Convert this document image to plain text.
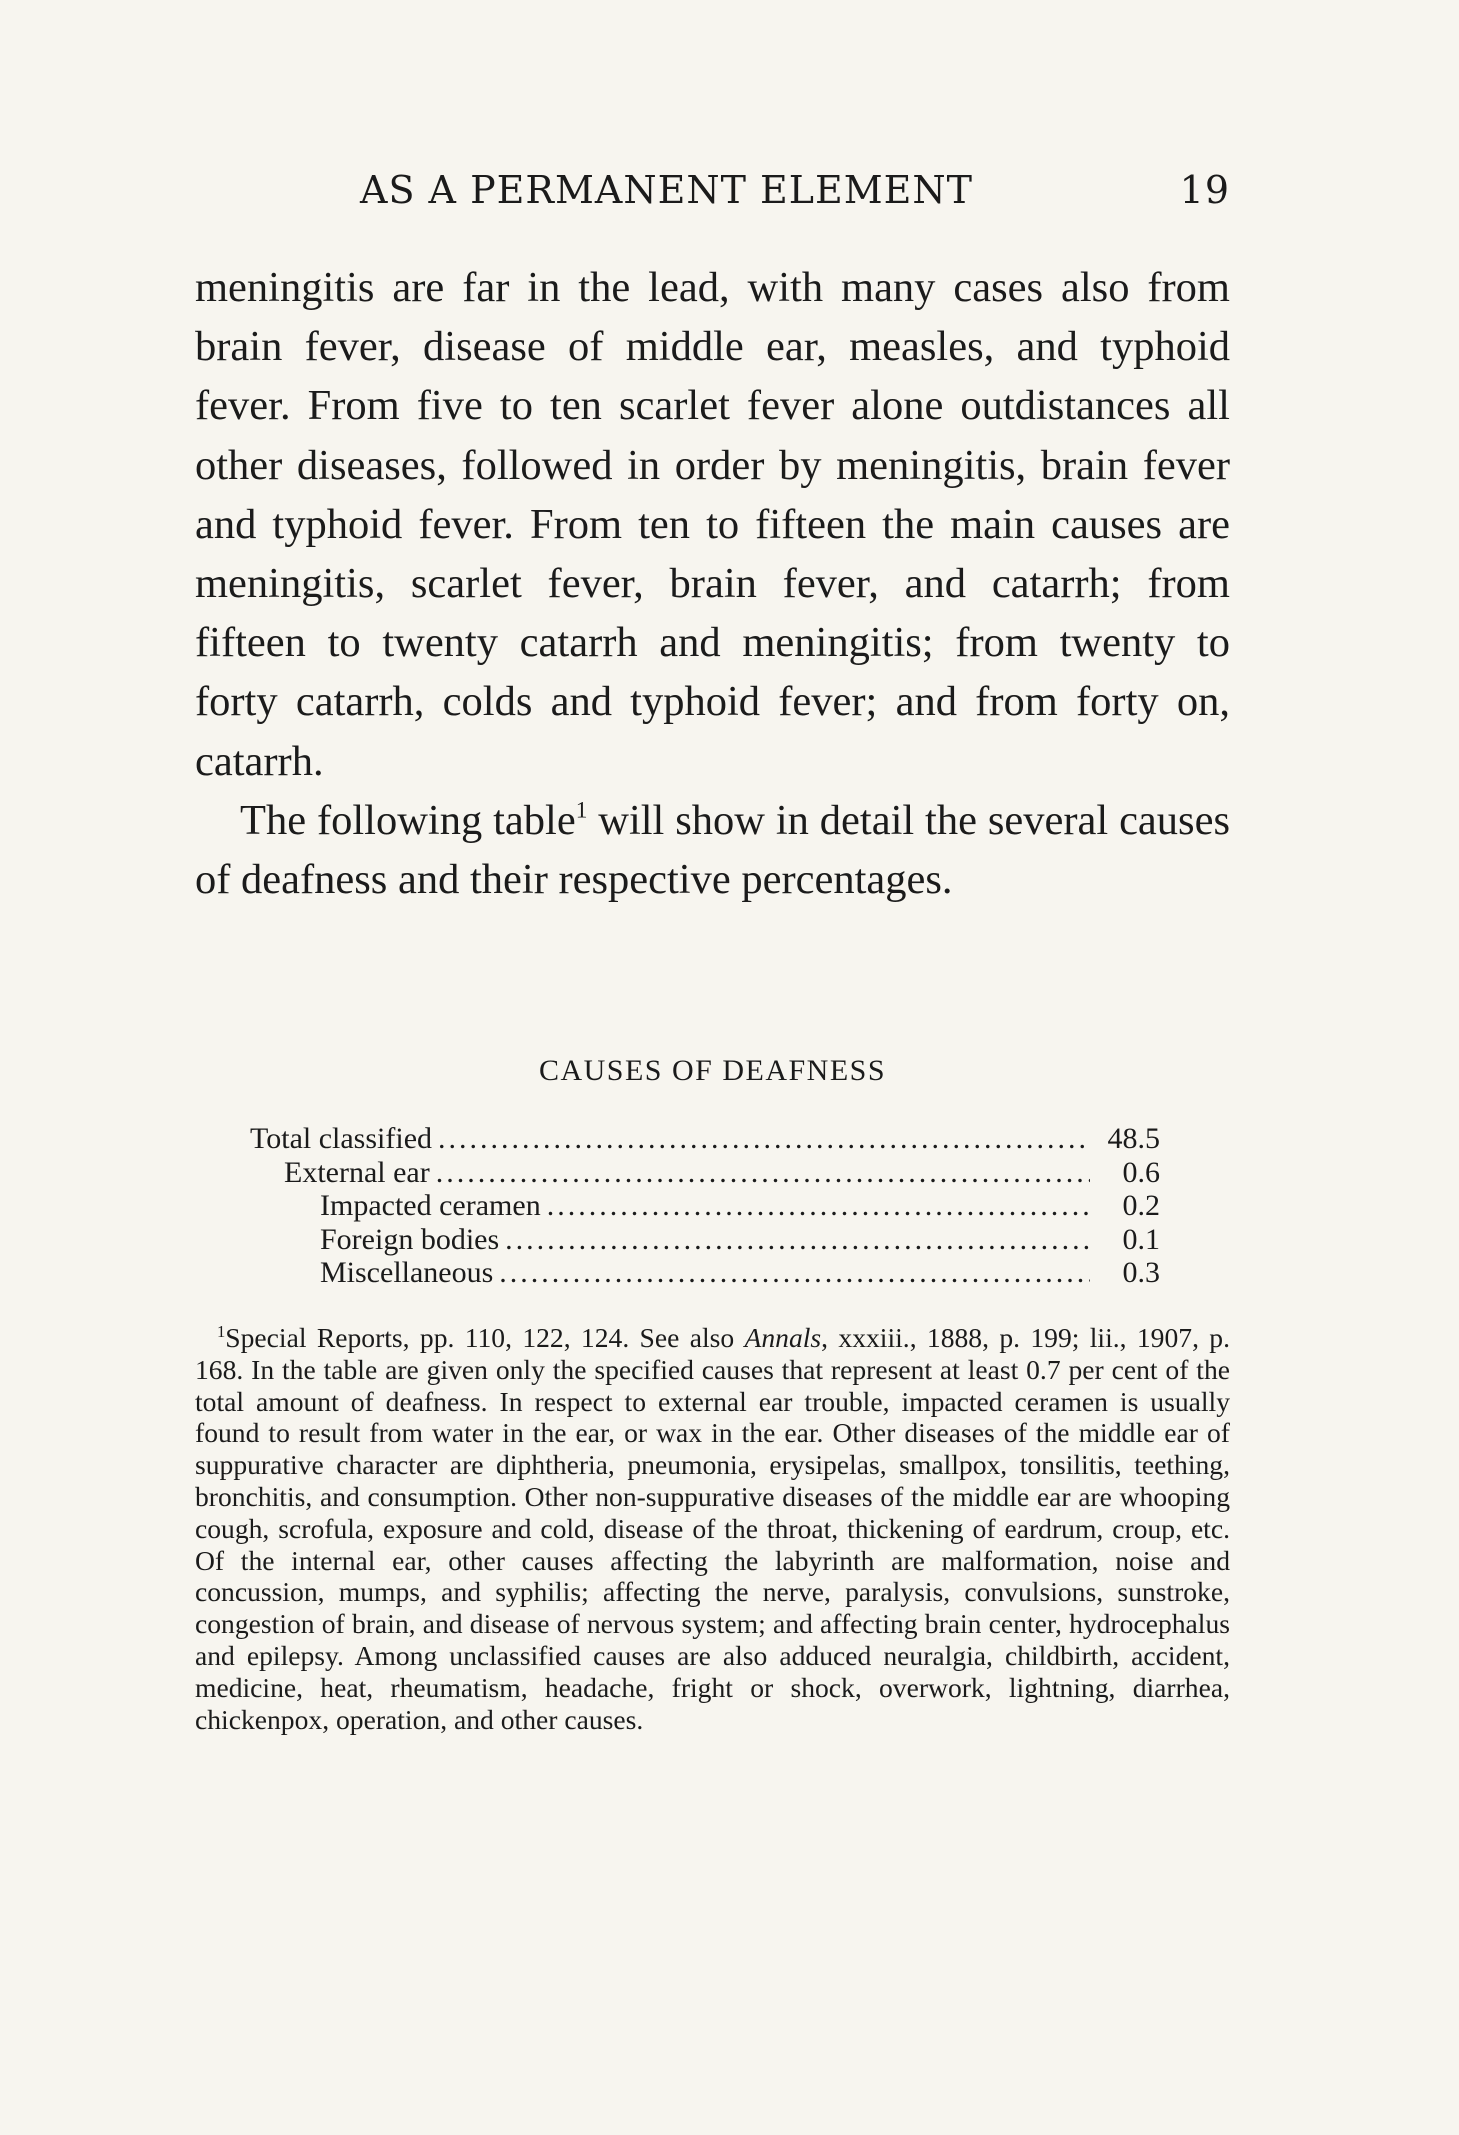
AS A PERMANENT ELEMENT	19

meningitis are far in the lead, with many cases also from brain fever, disease of middle ear, measles, and typhoid fever. From five to ten scarlet fever alone outdistances all other diseases, followed in order by meningitis, brain fever and typhoid fever. From ten to fifteen the main causes are meningitis, scarlet fever, brain fever, and catarrh; from fifteen to twenty catarrh and meningitis; from twenty to forty catarrh, colds and typhoid fever; and from forty on, catarrh.

The following table$^1$ will show in detail the several causes of deafness and their respective percentages.

CAUSES OF DEAFNESS
Total classified .....	48.5
External ear .....	0.6
Impacted ceramen .....	0.2
Foreign bodies .....	0.1
Miscellaneous .....	0.3

$^1$Special Reports, pp. 110, 122, 124. See also Annals, xxxiii., 1888, p. 199; lii., 1907, p. 168. In the table are given only the specified causes that represent at least 0.7 per cent of the total amount of deafness. In respect to external ear trouble, impacted ceramen is usually found to result from water in the ear, or wax in the ear. Other diseases of the middle ear of suppurative character are diphtheria, pneumonia, erysipelas, smallpox, tonsilitis, teething, bronchitis, and consumption. Other non-suppurative diseases of the middle ear are whooping cough, scrofula, exposure and cold, disease of the throat, thickening of eardrum, croup, etc. Of the internal ear, other causes affecting the labyrinth are malformation, noise and concussion, mumps, and syphilis; affecting the nerve, paralysis, convulsions, sunstroke, congestion of brain, and disease of nervous system; and affecting brain center, hydrocephalus and epilepsy. Among unclassified causes are also adduced neuralgia, childbirth, accident, medicine, heat, rheumatism, headache, fright or shock, overwork, lightning, diarrhea, chickenpox, operation, and other causes.
